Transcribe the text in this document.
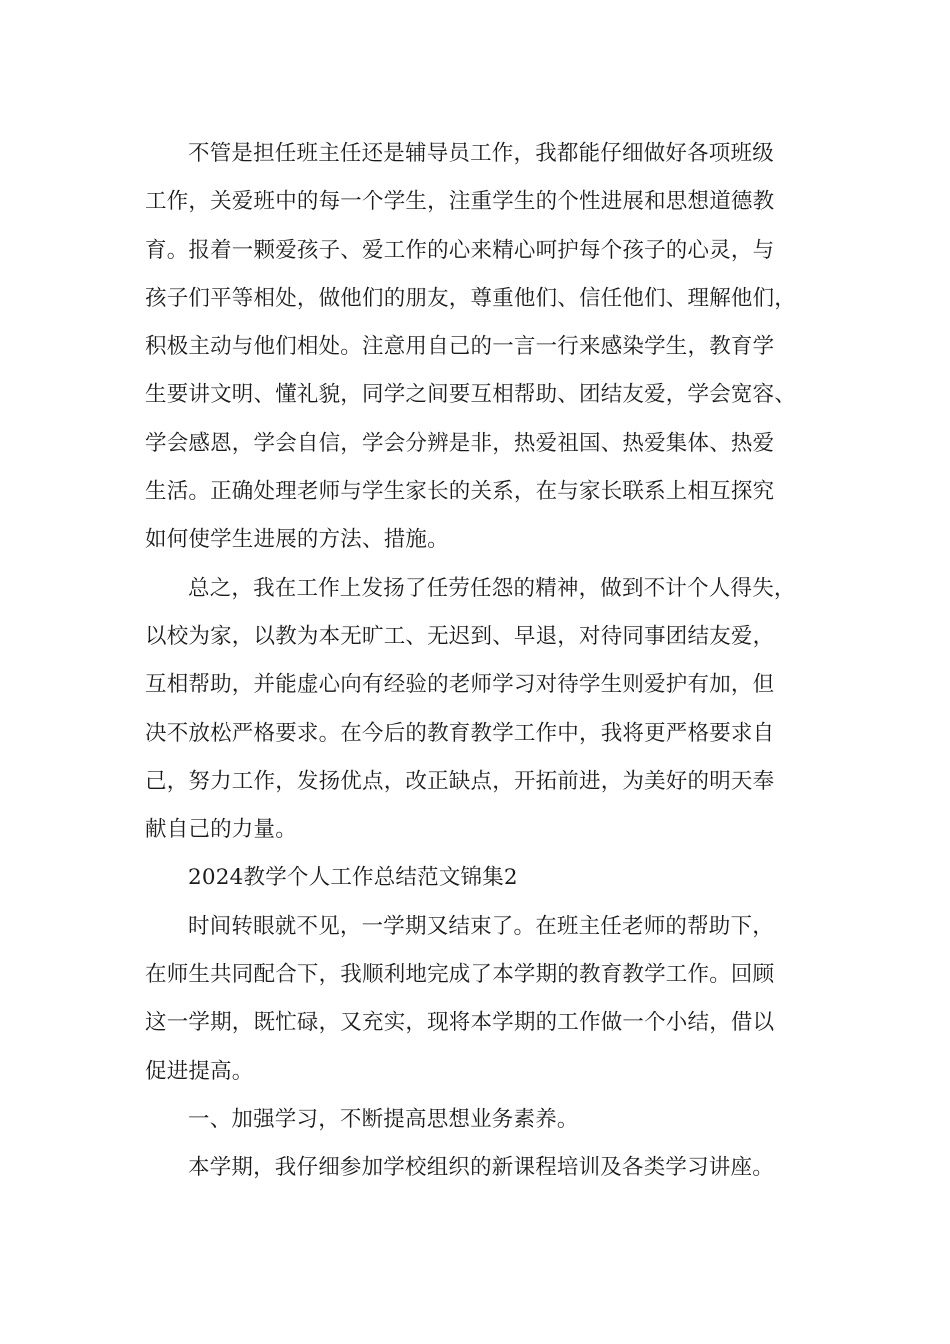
不管是担任班主任还是辅导员工作，我都能仔细做好各项班级
工作，关爱班中的每一个学生，注重学生的个性进展和思想道德教
育。报着一颗爱孩子、爱工作的心来精心呵护每个孩子的心灵，与
孩子们平等相处，做他们的朋友，尊重他们、信任他们、理解他们，
积极主动与他们相处。注意用自己的一言一行来感染学生，教育学
生要讲文明、懂礼貌，同学之间要互相帮助、团结友爱，学会宽容、
学会感恩，学会自信，学会分辨是非，热爱祖国、热爱集体、热爱
生活。正确处理老师与学生家长的关系，在与家长联系上相互探究
如何使学生进展的方法、措施。
总之，我在工作上发扬了任劳任怨的精神，做到不计个人得失，
以校为家，以教为本无旷工、无迟到、早退，对待同事团结友爱，
互相帮助，并能虚心向有经验的老师学习对待学生则爱护有加，但
决不放松严格要求。在今后的教育教学工作中，我将更严格要求自
己，努力工作，发扬优点，改正缺点，开拓前进，为美好的明天奉
献自己的力量。
2024教学个人工作总结范文锦集2
时间转眼就不见，一学期又结束了。在班主任老师的帮助下，
在师生共同配合下，我顺利地完成了本学期的教育教学工作。回顾
这一学期，既忙碌，又充实，现将本学期的工作做一个小结，借以
促进提高。
一、加强学习，不断提高思想业务素养。
本学期，我仔细参加学校组织的新课程培训及各类学习讲座。
